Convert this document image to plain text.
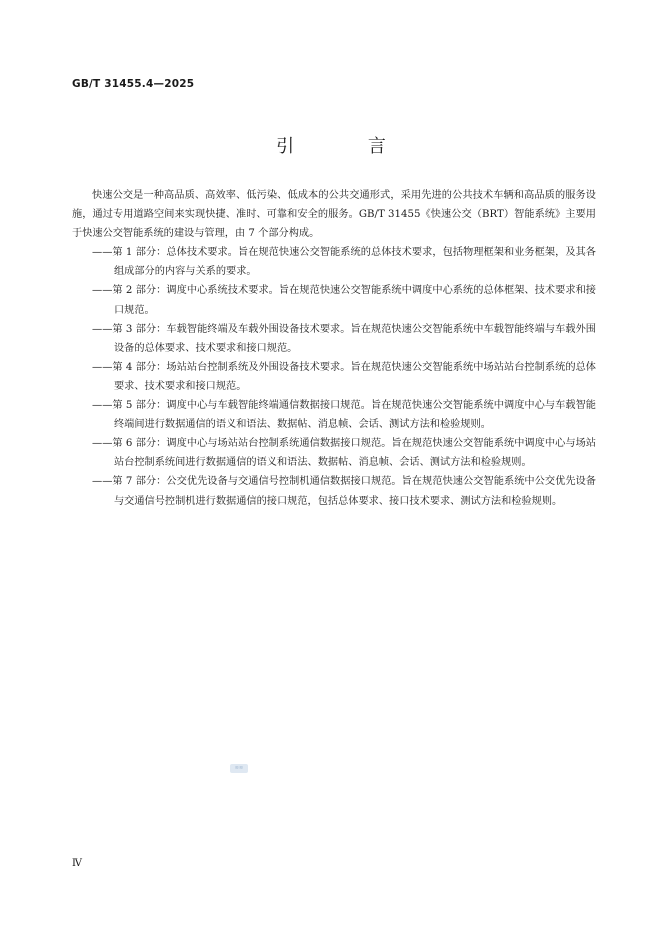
GB/T 31455.4—2025
引 言

快速公交是一种高品质、高效率、低污染、低成本的公共交通形式，采用先进的公共技术车辆和高品质的服务设施，通过专用道路空间来实现快捷、准时、可靠和安全的服务。GB/T 31455《快速公交（BRT）智能系统》主要用于快速公交智能系统的建设与管理，由 7 个部分构成。

——第 1 部分：总体技术要求。旨在规范快速公交智能系统的总体技术要求，包括物理框架和业务框架，及其各组成部分的内容与关系的要求。
——第 2 部分：调度中心系统技术要求。旨在规范快速公交智能系统中调度中心系统的总体框架、技术要求和接口规范。
——第 3 部分：车载智能终端及车载外围设备技术要求。旨在规范快速公交智能系统中车载智能终端与车载外围设备的总体要求、技术要求和接口规范。
——第 4 部分：场站站台控制系统及外围设备技术要求。旨在规范快速公交智能系统中场站站台控制系统的总体要求、技术要求和接口规范。
——第 5 部分：调度中心与车载智能终端通信数据接口规范。旨在规范快速公交智能系统中调度中心与车载智能终端间进行数据通信的语义和语法、数据帖、消息帧、会话、测试方法和检验规则。
——第 6 部分：调度中心与场站站台控制系统通信数据接口规范。旨在规范快速公交智能系统中调度中心与场站站台控制系统间进行数据通信的语义和语法、数据帖、消息帧、会话、测试方法和检验规则。
——第 7 部分：公交优先设备与交通信号控制机通信数据接口规范。旨在规范快速公交智能系统中公交优先设备与交通信号控制机进行数据通信的接口规范，包括总体要求、接口技术要求、测试方法和检验规则。
≋≋
Ⅳ
